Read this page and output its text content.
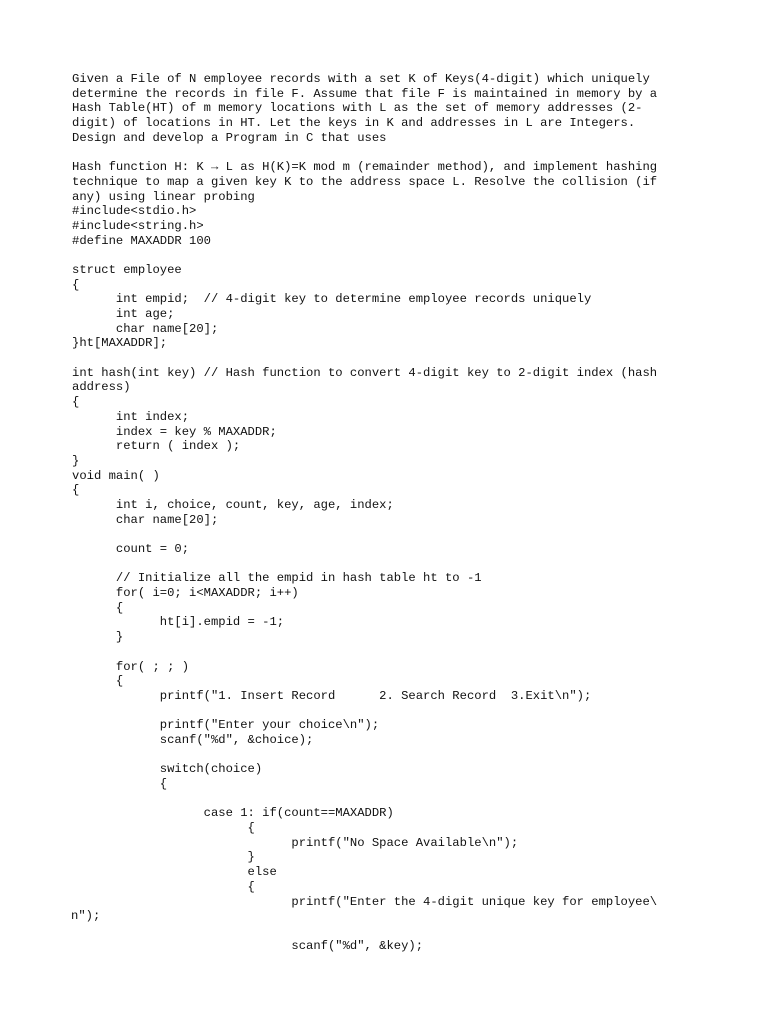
Given a File of N employee records with a set K of Keys(4-digit) which uniquely
determine the records in file F. Assume that file F is maintained in memory by a
Hash Table(HT) of m memory locations with L as the set of memory addresses (2-
digit) of locations in HT. Let the keys in K and addresses in L are Integers.
Design and develop a Program in C that uses
Hash function H: K → L as H(K)=K mod m (remainder method), and implement hashing
technique to map a given key K to the address space L. Resolve the collision (if
any) using linear probing
#include<stdio.h>
#include<string.h>
#define MAXADDR 100
struct employee
{
int empid;  // 4-digit key to determine employee records uniquely
int age;
char name[20];
}ht[MAXADDR];
int hash(int key) // Hash function to convert 4-digit key to 2-digit index (hash
address)
{
int index;
index = key % MAXADDR;
return ( index );
}
void main( )
{
int i, choice, count, key, age, index;
char name[20];
count = 0;
// Initialize all the empid in hash table ht to -1
for( i=0; i<MAXADDR; i++)
{
ht[i].empid = -1;
}
for( ; ; )
{
printf("1. Insert Record      2. Search Record  3.Exit\n");
printf("Enter your choice\n");
scanf("%d", &choice);
switch(choice)
{
case 1: if(count==MAXADDR)
{
printf("No Space Available\n");
}
else
{
printf("Enter the 4-digit unique key for employee\
n");
scanf("%d", &key);
